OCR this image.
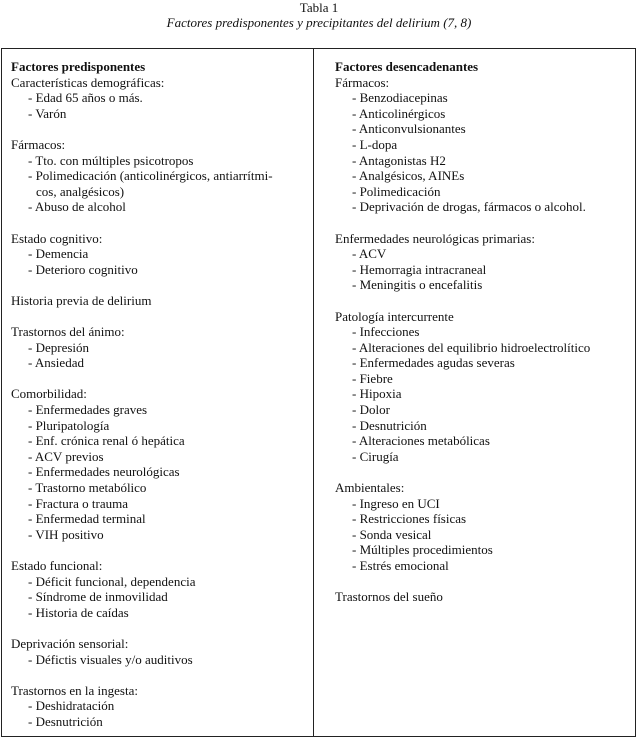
Tabla 1
Factores predisponentes y precipitantes del delirium (7, 8)
Factores predisponentes
Características demográficas:
- Edad 65 años o más.
- Varón
Fármacos:
- Tto. con múltiples psicotropos
- Polimedicación (anticolinérgicos, antiarrítmi-
cos, analgésicos)
- Abuso de alcohol
Estado cognitivo:
- Demencia
- Deterioro cognitivo
Historia previa de delirium
Trastornos del ánimo:
- Depresión
- Ansiedad
Comorbilidad:
- Enfermedades graves
- Pluripatología
- Enf. crónica renal ó hepática
- ACV previos
- Enfermedades neurológicas
- Trastorno metabólico
- Fractura o trauma
- Enfermedad terminal
- VIH positivo
Estado funcional:
- Déficit funcional, dependencia
- Síndrome de inmovilidad
- Historia de caídas
Deprivación sensorial:
- Défictis visuales y/o auditivos
Trastornos en la ingesta:
- Deshidratación
- Desnutrición
Factores desencadenantes
Fármacos:
- Benzodiacepinas
- Anticolinérgicos
- Anticonvulsionantes
- L-dopa
- Antagonistas H2
- Analgésicos, AINEs
- Polimedicación
- Deprivación de drogas, fármacos o alcohol.
Enfermedades neurológicas primarias:
- ACV
- Hemorragia intracraneal
- Meningitis o encefalitis
Patología intercurrente
- Infecciones
- Alteraciones del equilibrio hidroelectrolítico
- Enfermedades agudas severas
- Fiebre
- Hipoxia
- Dolor
- Desnutrición
- Alteraciones metabólicas
- Cirugía
Ambientales:
- Ingreso en UCI
- Restricciones físicas
- Sonda vesical
- Múltiples procedimientos
- Estrés emocional
Trastornos del sueño
